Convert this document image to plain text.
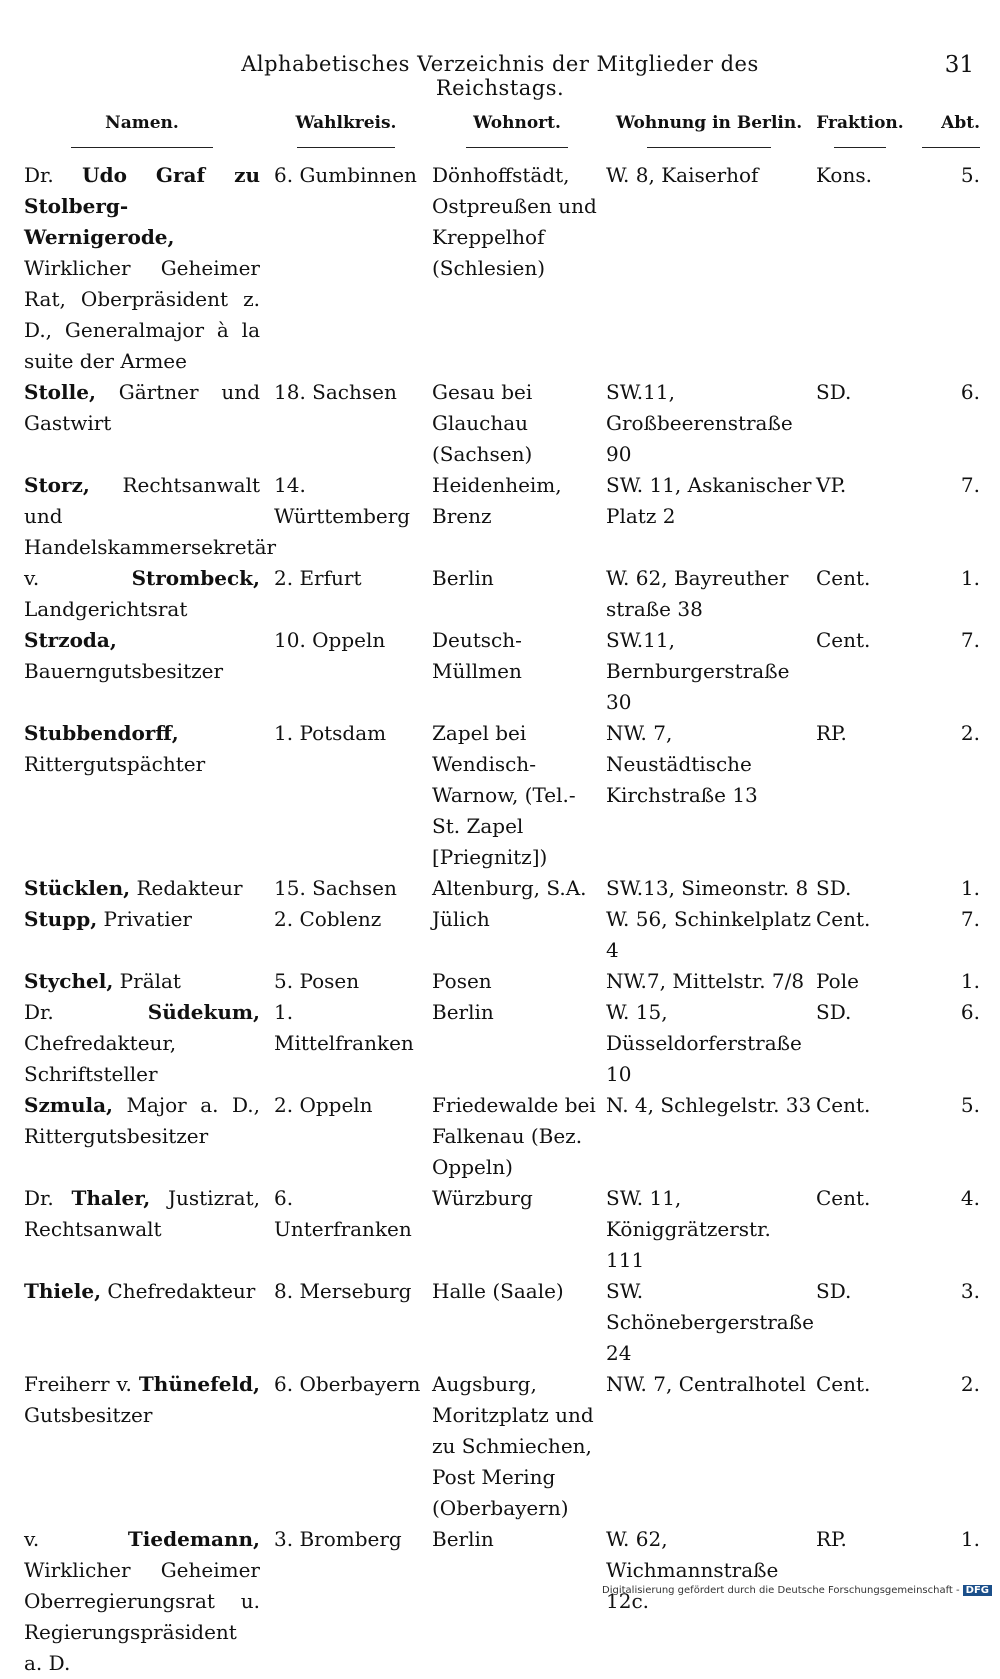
Alphabetisches Verzeichnis der Mitglieder des Reichstags.
31
Namen.	Wahlkreis.	Wohnort.	Wohnung in Berlin.	Fraktion.	Abt.

Dr. Udo Graf zu Stolberg-Wernigerode, Wirklicher Geheimer Rat, Oberpräsident z. D., Generalmajor à la suite der Armee	6. Gumbinnen	Dönhoffstädt, Ostpreußen und Kreppelhof (Schlesien)	W. 8, Kaiserhof	Kons.	5.
Stolle, Gärtner und Gastwirt	18. Sachsen	Gesau bei Glauchau (Sachsen)	SW.11, Großbeerenstraße 90	SD.	6.
Storz, Rechtsanwalt und Handelskammersekretär	14. Württemberg	Heidenheim, Brenz	SW. 11, Askanischer Platz 2	VP.	7.
v. Strombeck, Landgerichtsrat	2. Erfurt	Berlin	W. 62, Bayreuther straße 38	Cent.	1.
Strzoda, Bauerngutsbesitzer	10. Oppeln	Deutsch-Müllmen	SW.11, Bernburgerstraße 30	Cent.	7.
Stubbendorff, Rittergutspächter	1. Potsdam	Zapel bei Wendisch-Warnow, (Tel.-St. Zapel [Priegnitz])	NW. 7, Neustädtische Kirchstraße 13	RP.	2.
Stücklen, Redakteur	15. Sachsen	Altenburg, S.A.	SW.13, Simeonstr. 8	SD.	1.
Stupp, Privatier	2. Coblenz	Jülich	W. 56, Schinkelplatz 4	Cent.	7.
Stychel, Prälat	5. Posen	Posen	NW.7, Mittelstr. 7/8	Pole	1.
Dr. Südekum, Chefredakteur, Schriftsteller	1. Mittelfranken	Berlin	W. 15, Düsseldorferstraße 10	SD.	6.
Szmula, Major a. D., Rittergutsbesitzer	2. Oppeln	Friedewalde bei Falkenau (Bez. Oppeln)	N. 4, Schlegelstr. 33	Cent.	5.
Dr. Thaler, Justizrat, Rechtsanwalt	6. Unterfranken	Würzburg	SW. 11, Königgrätzerstr. 111	Cent.	4.
Thiele, Chefredakteur	8. Merseburg	Halle (Saale)	SW. Schönebergerstraße 24	SD.	3.
Freiherr v. Thünefeld, Gutsbesitzer	6. Oberbayern	Augsburg, Moritzplatz und zu Schmiechen, Post Mering (Oberbayern)	NW. 7, Centralhotel	Cent.	2.
v. Tiedemann, Wirklicher Geheimer Oberregierungsrat u. Regierungspräsident a. D.	3. Bromberg	Berlin	W. 62, Wichmannstraße 12c.	RP.	1.
Digitalisierung gefördert durch die Deutsche Forschungsgemeinschaft - DFG
